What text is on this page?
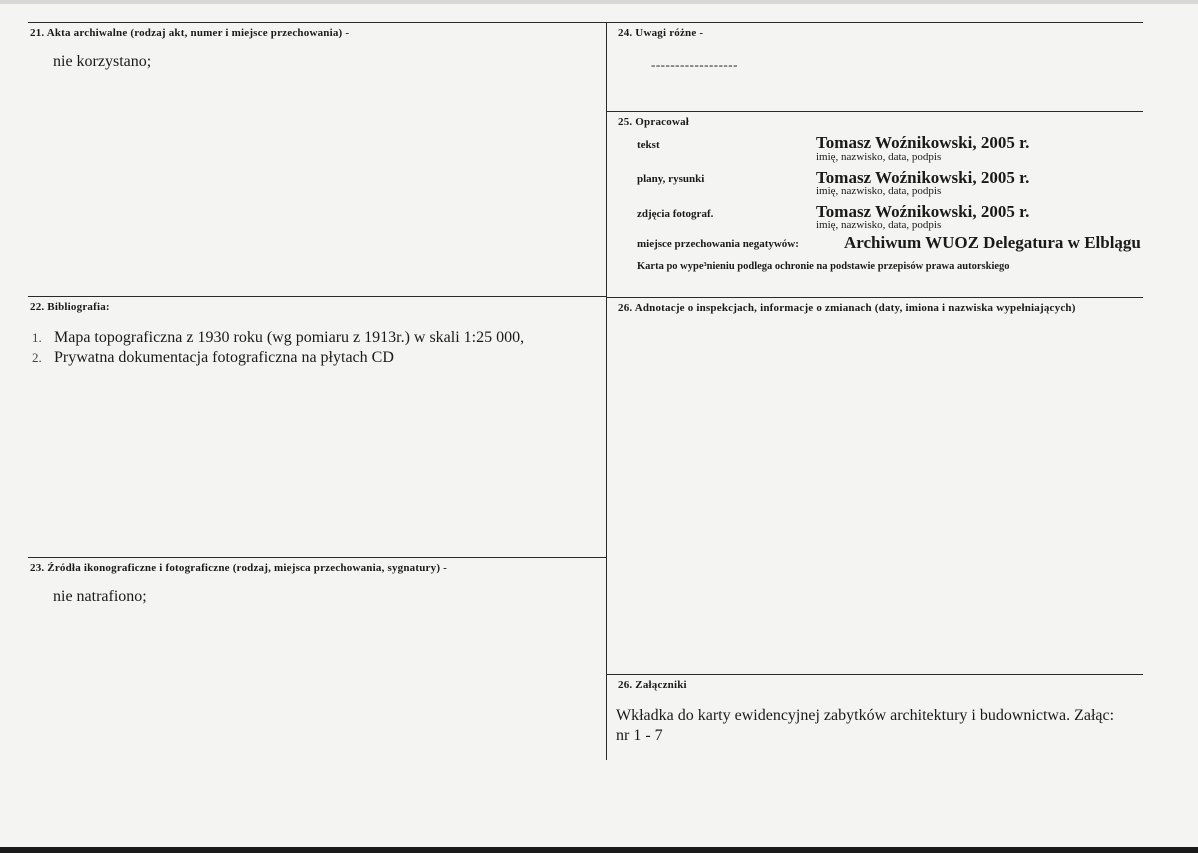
21. Akta archiwalne (rodzaj akt, numer i miejsce przechowania) -
nie korzystano;
22. Bibliografia:
1. Mapa topograficzna z 1930 roku (wg pomiaru z 1913r.) w skali 1:25 000,
2. Prywatna dokumentacja fotograficzna na płytach CD
23. Źródła ikonograficzne i fotograficzne (rodzaj, miejsca przechowania, sygnatury) -
nie natrafiono;
24. Uwagi różne -
------------------
25. Opracował
tekst	Tomasz Woźnikowski, 2005 r.
imię, nazwisko, data, podpis
plany, rysunki	Tomasz Woźnikowski, 2005 r.
imię, nazwisko, data, podpis
zdjęcia fotograf.	Tomasz Woźnikowski, 2005 r.
imię, nazwisko, data, podpis
miejsce przechowania negatywów:	Archiwum WUOZ Delegatura w Elblągu
Karta po wype³nieniu podlega ochronie na podstawie przepisów prawa autorskiego
26. Adnotacje o inspekcjach, informacje o zmianach (daty, imiona i nazwiska wypełniających)
26. Załączniki
Wkładka do karty ewidencyjnej zabytków architektury i budownictwa. Załąc:
nr 1 - 7
